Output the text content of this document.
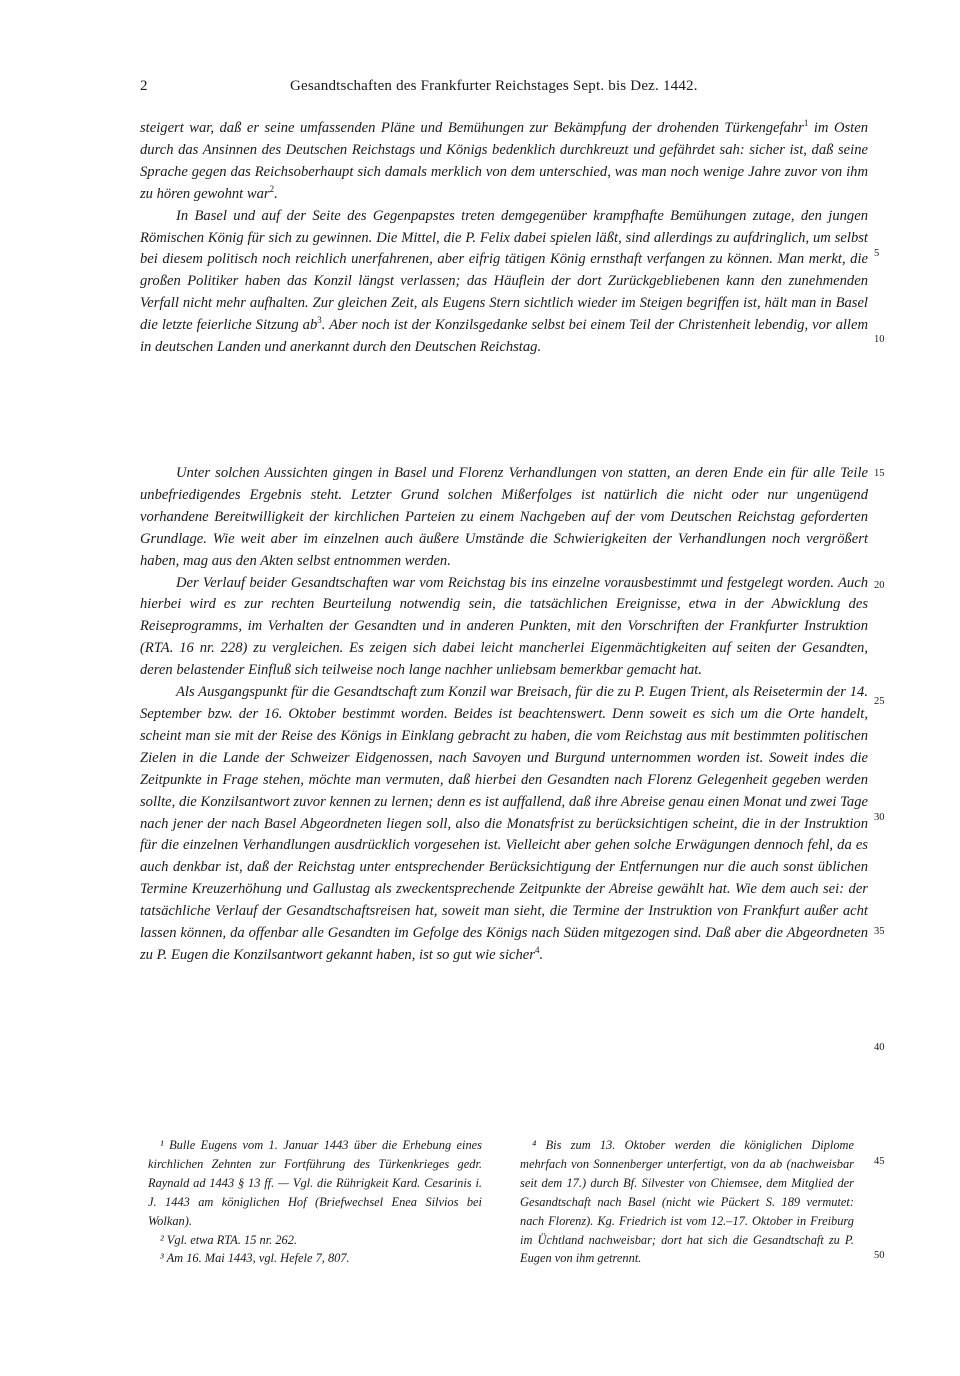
2	Gesandtschaften des Frankfurter Reichstages Sept. bis Dez. 1442.

steigert war, daß er seine umfassenden Pläne und Bemühungen zur Bekämpfung der drohenden Türkengefahr$^1$ im Osten durch das Ansinnen des Deutschen Reichstags und Königs bedenklich durchkreuzt und gefährdet sah: sicher ist, daß seine Sprache gegen das Reichsoberhaupt sich damals merklich von dem unterschied, was man noch wenige Jahre zuvor von ihm zu hören gewohnt war$^2$.

In Basel und auf der Seite des Gegenpapstes treten demgegenüber krampfhafte Bemühungen zutage, den jungen Römischen König für sich zu gewinnen. Die Mittel, die P. Felix dabei spielen läßt, sind allerdings zu aufdringlich, um selbst bei diesem politisch noch reichlich unerfahrenen, aber eifrig tätigen König ernsthaft verfangen zu können. Man merkt, die großen Politiker haben das Konzil längst verlassen; das Häuflein der dort Zurückgebliebenen kann den zunehmenden Verfall nicht mehr aufhalten. Zur gleichen Zeit, als Eugens Stern sichtlich wieder im Steigen begriffen ist, hält man in Basel die letzte feierliche Sitzung $ab^3$. Aber noch ist der Konzilsgedanke selbst bei einem Teil der Christenheit lebendig, vor allem in deutschen Landen und anerkannt durch den Deutschen Reichstag.

Unter solchen Aussichten gingen in Basel und Florenz Verhandlungen von statten, an deren Ende ein für alle Teile unbefriedigendes Ergebnis steht. Letzter Grund solchen Mißerfolges ist natürlich die nicht oder nur ungenügend vorhandene Bereitwilligkeit der kirchlichen Parteien zu einem Nachgeben auf der vom Deutschen Reichstag geforderten Grundlage. Wie weit aber im einzelnen auch äußere Umstände die Schwierigkeiten der Verhandlungen noch vergrößert haben, mag aus den Akten selbst entnommen werden.

Der Verlauf beider Gesandtschaften war vom Reichstag bis ins einzelne vorausbestimmt und festgelegt worden. Auch hierbei wird es zur rechten Beurteilung notwendig sein, die tatsächlichen Ereignisse, etwa in der Abwicklung des Reiseprogramms, im Verhalten der Gesandten und in anderen Punkten, mit den Vorschriften der Frankfurter Instruktion (RTA. 16 nr. 228) zu vergleichen. Es zeigen sich dabei leicht mancherlei Eigenmächtigkeiten auf seiten der Gesandten, deren belastender Einfluß sich teilweise noch lange nachher unliebsam bemerkbar gemacht hat.

Als Ausgangspunkt für die Gesandtschaft zum Konzil war Breisach, für die zu P. Eugen Trient, als Reisetermin der 14. September bzw. der 16. Oktober bestimmt worden. Beides ist beachtenswert. Denn soweit es sich um die Orte handelt, scheint man sie mit der Reise des Königs in Einklang gebracht zu haben, die vom Reichstag aus mit bestimmten politischen Zielen in die Lande der Schweizer Eidgenossen, nach Savoyen und Burgund unternommen worden ist. Soweit indes die Zeitpunkte in Frage stehen, möchte man vermuten, daß hierbei den Gesandten nach Florenz Gelegenheit gegeben werden sollte, die Konzilsantwort zuvor kennen zu lernen; denn es ist auffallend, daß ihre Abreise genau einen Monat und zwei Tage nach jener der nach Basel Abgeordneten liegen soll, also die Monatsfrist zu berücksichtigen scheint, die in der Instruktion für die einzelnen Verhandlungen ausdrücklich vorgesehen ist. Vielleicht aber gehen solche Erwägungen dennoch fehl, da es auch denkbar ist, daß der Reichstag unter entsprechender Berücksichtigung der Entfernungen nur die auch sonst üblichen Termine Kreuzerhöhung und Gallustag als zweckentsprechende Zeitpunkte der Abreise gewählt hat. Wie dem auch sei: der tatsächliche Verlauf der Gesandtschaftsreisen hat, soweit man sieht, die Termine der Instruktion von Frankfurt außer acht lassen können, da offenbar alle Gesandten im Gefolge des Königs nach Süden mitgezogen sind. Daß aber die Abgeordneten zu P. Eugen die Konzilsantwort gekannt haben, ist so gut wie sicher$^4$.

5
10
15
20
25
30
35
40
45
50

¹ Bulle Eugens vom 1. Januar 1443 über die Erhebung eines kirchlichen Zehnten zur Fortführung des Türkenkrieges gedr. Raynald ad 1443 § 13 ff. — Vgl. die Rührigkeit Kard. Cesarinis i. J. 1443 am königlichen Hof (Briefwechsel Enea Silvios bei Wolkan).

² Vgl. etwa RTA. 15 nr. 262.

³ Am 16. Mai 1443, vgl. Hefele 7, 807.

⁴ Bis zum 13. Oktober werden die königlichen Diplome mehrfach von Sonnenberger unterfertigt, von da ab (nachweisbar seit dem 17.) durch Bf. Silvester von Chiemsee, dem Mitglied der Gesandtschaft nach Basel (nicht wie Pückert S. 189 vermutet: nach Florenz). Kg. Friedrich ist vom 12.–17. Oktober in Freiburg im Üchtland nachweisbar; dort hat sich die Gesandtschaft zu P. Eugen von ihm getrennt.
